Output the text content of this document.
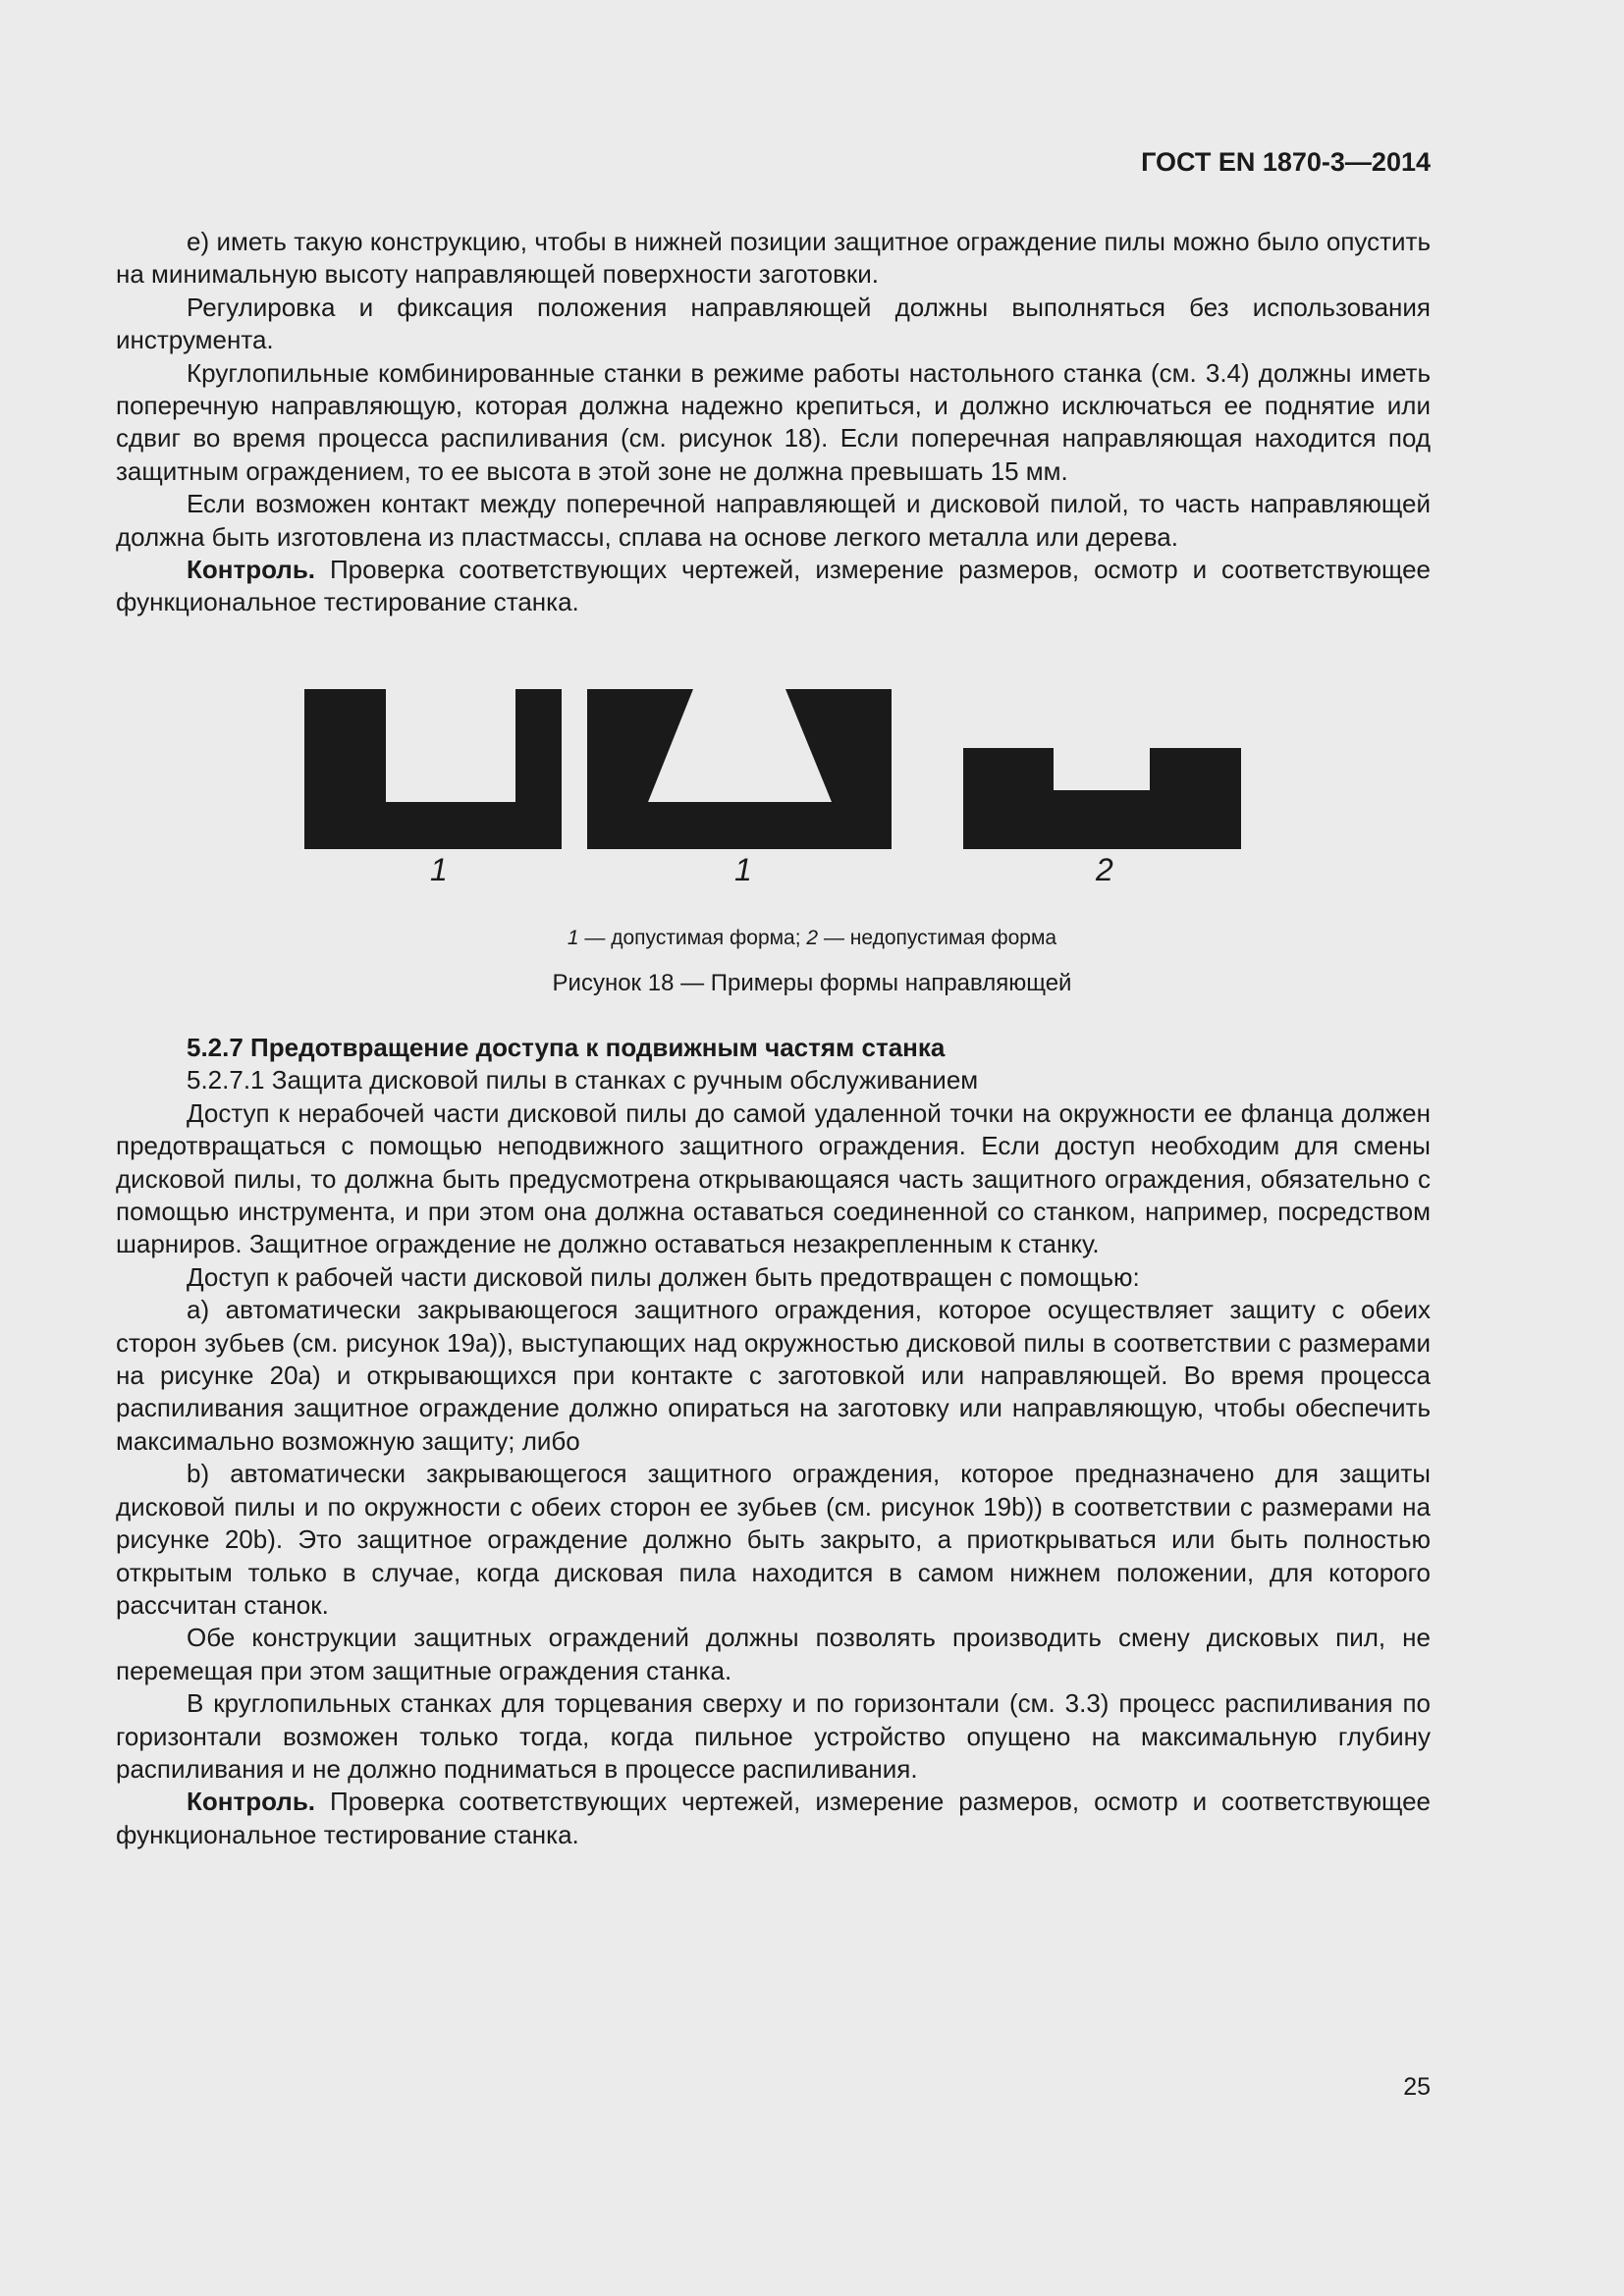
ГОСТ EN 1870-3—2014

e) иметь такую конструкцию, чтобы в нижней позиции защитное ограждение пилы можно было опустить на минимальную высоту направляющей поверхности заготовки.

Регулировка и фиксация положения направляющей должны выполняться без использования инструмента.

Круглопильные комбинированные станки в режиме работы настольного станка (см. 3.4) должны иметь поперечную направляющую, которая должна надежно крепиться, и должно исключаться ее поднятие или сдвиг во время процесса распиливания (см. рисунок 18). Если поперечная направляющая находится под защитным ограждением, то ее высота в этой зоне не должна превышать 15 мм.

Если возможен контакт между поперечной направляющей и дисковой пилой, то часть направляющей должна быть изготовлена из пластмассы, сплава на основе легкого металла или дерева.

Контроль. Проверка соответствующих чертежей, измерение размеров, осмотр и соответствующее функциональное тестирование станка.

1	1	2
1 — допустимая форма; 2 — недопустимая форма
Рисунок 18 — Примеры формы направляющей

5.2.7 Предотвращение доступа к подвижным частям станка

5.2.7.1 Защита дисковой пилы в станках с ручным обслуживанием

Доступ к нерабочей части дисковой пилы до самой удаленной точки на окружности ее фланца должен предотвращаться с помощью неподвижного защитного ограждения. Если доступ необходим для смены дисковой пилы, то должна быть предусмотрена открывающаяся часть защитного ограждения, обязательно с помощью инструмента, и при этом она должна оставаться соединенной со станком, например, посредством шарниров. Защитное ограждение не должно оставаться незакрепленным к станку.

Доступ к рабочей части дисковой пилы должен быть предотвращен с помощью:

a) автоматически закрывающегося защитного ограждения, которое осуществляет защиту с обеих сторон зубьев (см. рисунок 19a)), выступающих над окружностью дисковой пилы в соответствии с размерами на рисунке 20a) и открывающихся при контакте с заготовкой или направляющей. Во время процесса распиливания защитное ограждение должно опираться на заготовку или направляющую, чтобы обеспечить максимально возможную защиту; либо

b) автоматически закрывающегося защитного ограждения, которое предназначено для защиты дисковой пилы и по окружности с обеих сторон ее зубьев (см. рисунок 19b)) в соответствии с размерами на рисунке 20b). Это защитное ограждение должно быть закрыто, а приоткрываться или быть полностью открытым только в случае, когда дисковая пила находится в самом нижнем положении, для которого рассчитан станок.

Обе конструкции защитных ограждений должны позволять производить смену дисковых пил, не перемещая при этом защитные ограждения станка.

В круглопильных станках для торцевания сверху и по горизонтали (см. 3.3) процесс распиливания по горизонтали возможен только тогда, когда пильное устройство опущено на максимальную глубину распиливания и не должно подниматься в процессе распиливания.

Контроль. Проверка соответствующих чертежей, измерение размеров, осмотр и соответствующее функциональное тестирование станка.

25
